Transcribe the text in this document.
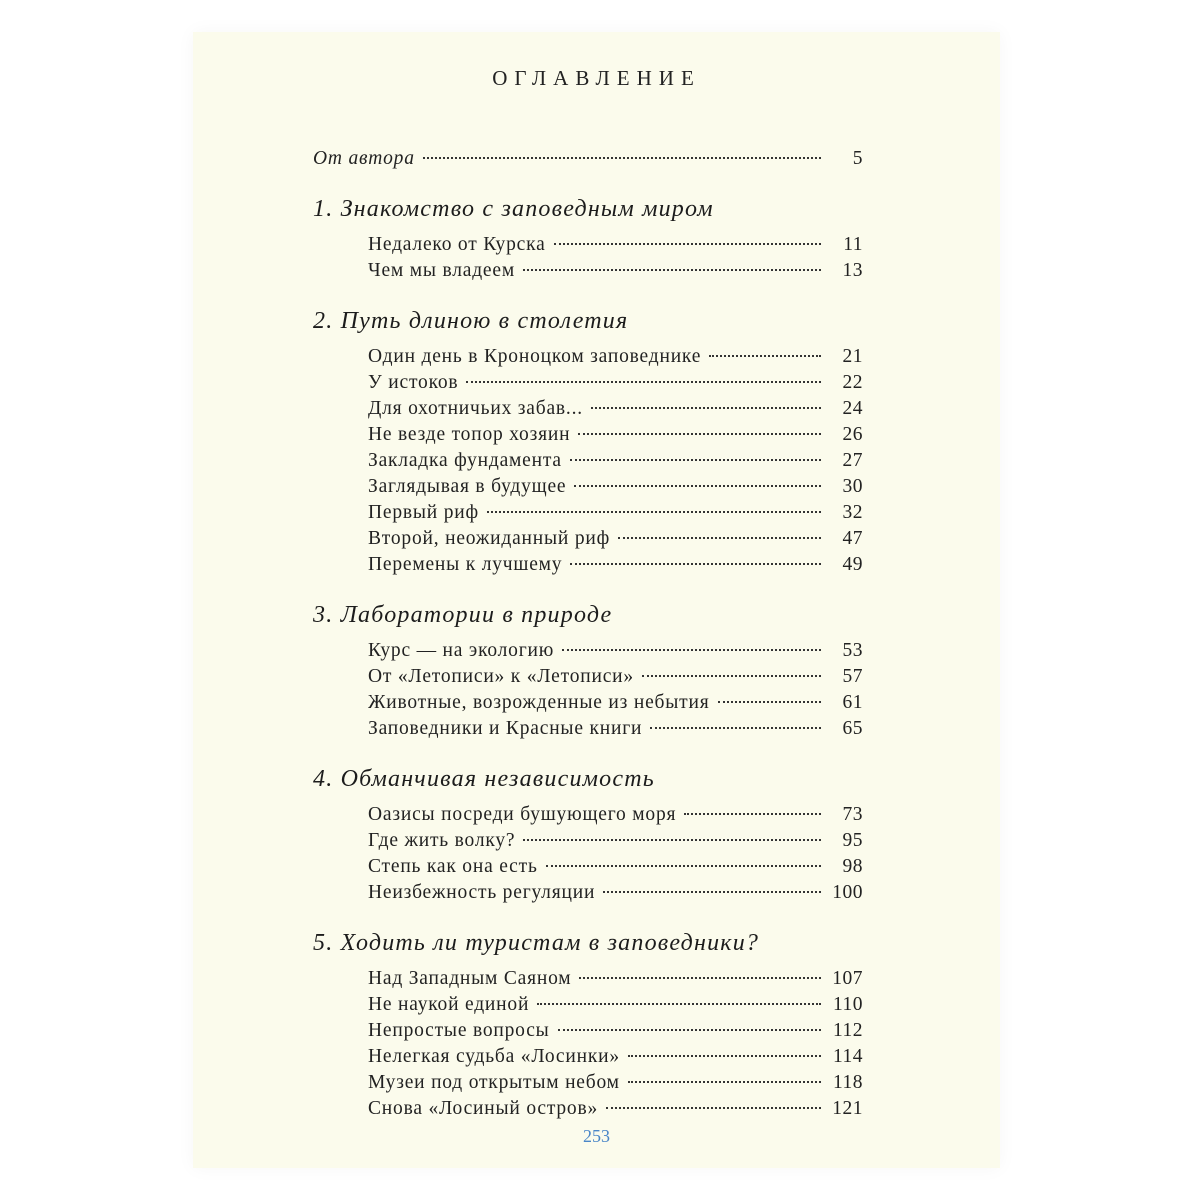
ОГЛАВЛЕНИЕ
От автора	5
1. Знакомство с заповедным миром
Недалеко от Курска	11
Чем мы владеем	13
2. Путь длиною в столетия
Один день в Кроноцком заповеднике	21
У истоков	22
Для охотничьих забав...	24
Не везде топор хозяин	26
Закладка фундамента	27
Заглядывая в будущее	30
Первый риф	32
Второй, неожиданный риф	47
Перемены к лучшему	49
3. Лаборатории в природе
Курс — на экологию	53
От «Летописи» к «Летописи»	57
Животные, возрожденные из небытия	61
Заповедники и Красные книги	65
4. Обманчивая независимость
Оазисы посреди бушующего моря	73
Где жить волку?	95
Степь как она есть	98
Неизбежность регуляции	100
5. Ходить ли туристам в заповедники?
Над Западным Саяном	107
Не наукой единой	110
Непростые вопросы	112
Нелегкая судьба «Лосинки»	114
Музеи под открытым небом	118
Снова «Лосиный остров»	121
253
